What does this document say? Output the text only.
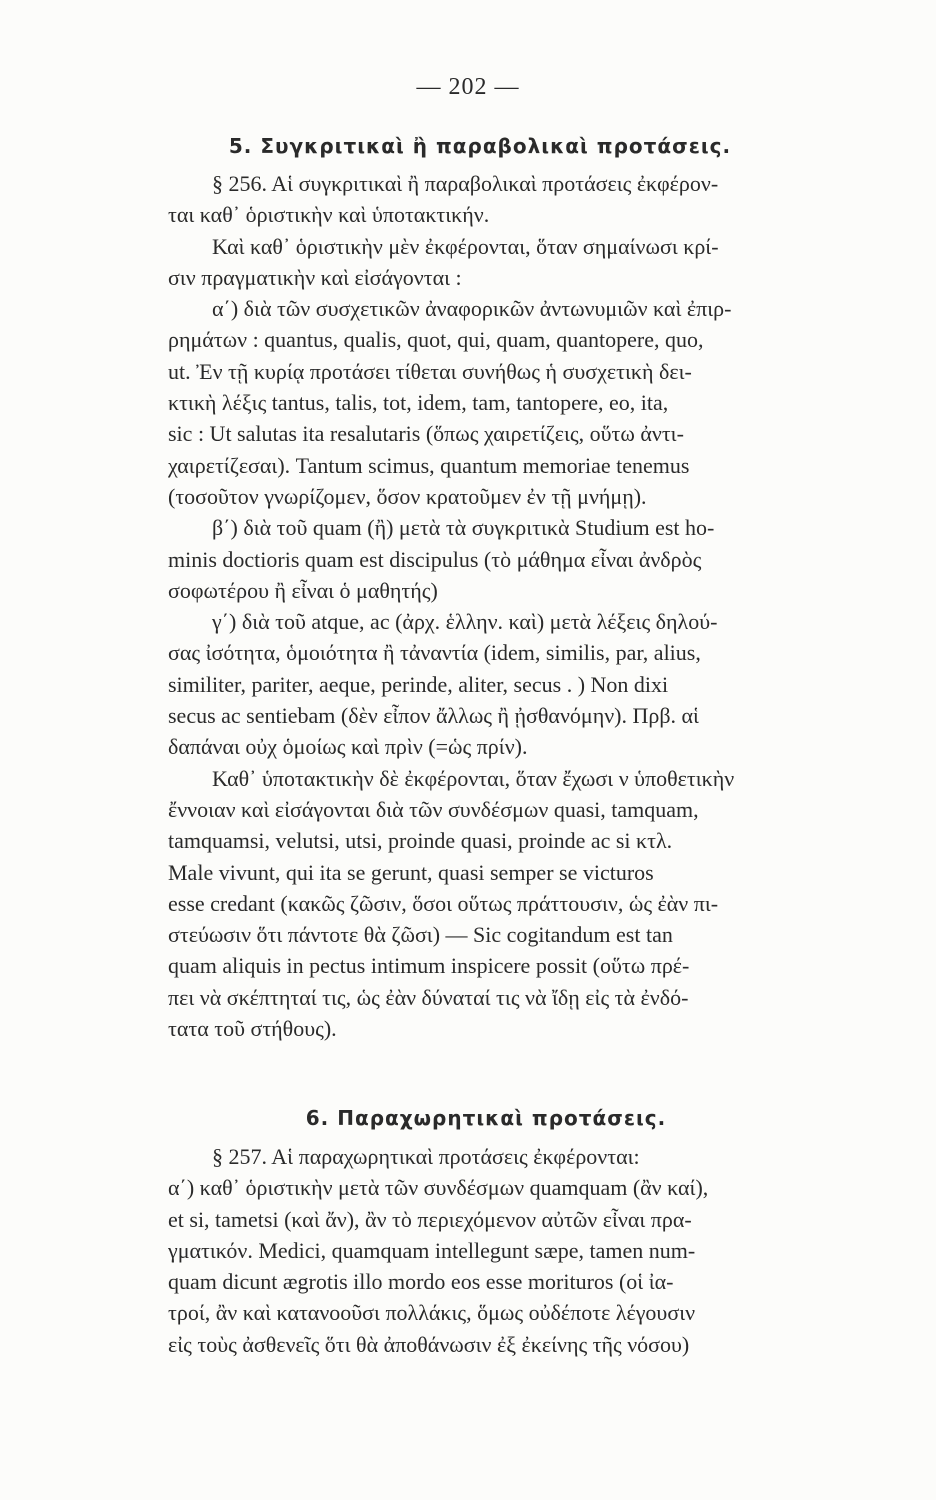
— 202 —
5. Συγκριτικαὶ ἢ παραβολικαὶ προτάσεις.
§ 256. Αἱ συγκριτικαὶ ἢ παραβολικαὶ προτάσεις ἐκφέρον-
ται καθ᾽ ὁριστικὴν καὶ ὑποτακτικήν.
Καὶ καθ᾽ ὁριστικὴν μὲν ἐκφέρονται, ὅταν σημαίνωσι κρί-
σιν πραγματικὴν καὶ εἰσάγονται :
α΄) διὰ τῶν συσχετικῶν ἀναφορικῶν ἀντωνυμιῶν καὶ ἐπιρ-
ρημάτων : quantus, qualis, quot, qui, quam, quantopere, quo,
ut. Ἐν τῇ κυρίᾳ προτάσει τίθεται συνήθως ἡ συσχετικὴ δει-
κτικὴ λέξις tantus, talis, tot, idem, tam, tantopere, eo, ita,
sic : Ut salutas ita resalutaris (ὅπως χαιρετίζεις, οὕτω ἀντι-
χαιρετίζεσαι). Tantum scimus, quantum memoriae tenemus
(τοσοῦτον γνωρίζομεν, ὅσον κρατοῦμεν ἐν τῇ μνήμῃ).
β΄) διὰ τοῦ quam (ἢ) μετὰ τὰ συγκριτικὰ Studium est ho-
minis doctioris quam est discipulus (τὸ μάθημα εἶναι ἀνδρὸς
σοφωτέρου ἢ εἶναι ὁ μαθητής)
γ΄) διὰ τοῦ atque, ac (ἀρχ. ἑλλην. καὶ) μετὰ λέξεις δηλού-
σας ἰσότητα, ὁμοιότητα ἢ τἀναντία (idem, similis, par, alius,
similiter, pariter, aeque, perinde, aliter, secus . ) Non dixi
secus ac sentiebam (δὲν εἶπον ἄλλως ἢ ᾐσθανόμην). Πρβ. αἱ
δαπάναι οὐχ ὁμοίως καὶ πρὶν (=ὡς πρίν).
Καθ᾽ ὑποτακτικὴν δὲ ἐκφέρονται, ὅταν ἔχωσι ν ὑποθετικὴν
ἔννοιαν καὶ εἰσάγονται διὰ τῶν συνδέσμων quasi, tamquam,
tamquamsi, velutsi, utsi, proinde quasi, proinde ac si κτλ.
Male vivunt, qui ita se gerunt, quasi semper se victuros
esse credant (κακῶς ζῶσιν, ὅσοι οὕτως πράττουσιν, ὡς ἐὰν πι-
στεύωσιν ὅτι πάντοτε θὰ ζῶσι) — Sic cogitandum est tan
quam aliquis in pectus intimum inspicere possit (οὕτω πρέ-
πει νὰ σκέπτηταί τις, ὡς ἐὰν δύναταί τις νὰ ἴδῃ εἰς τὰ ἐνδό-
τατα τοῦ στήθους).
6. Παραχωρητικαὶ προτάσεις.
§ 257. Αἱ παραχωρητικαὶ προτάσεις ἐκφέρονται:
α΄) καθ᾽ ὁριστικὴν μετὰ τῶν συνδέσμων quamquam (ἂν καί),
et si, tametsi (καὶ ἄν), ἂν τὸ περιεχόμενον αὐτῶν εἶναι πρα-
γματικόν. Medici, quamquam intellegunt sæpe, tamen num-
quam dicunt ægrotis illo mordo eos esse morituros (οἱ ἰα-
τροί, ἂν καὶ κατανοοῦσι πολλάκις, ὅμως οὐδέποτε λέγουσιν
εἰς τοὺς ἀσθενεῖς ὅτι θὰ ἀποθάνωσιν ἐξ ἐκείνης τῆς νόσου)
